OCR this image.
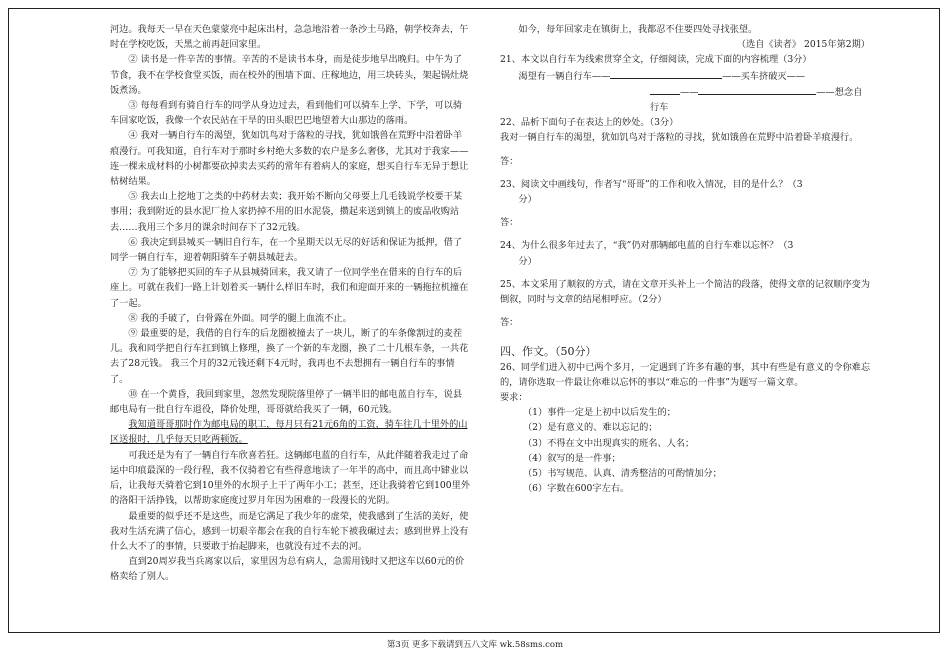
河边。我每天一早在天色蒙蒙亮中起床出村，急急地沿着一条沙土马路，朝学校奔去，午时在学校吃饭，天黑之前再赶回家里。

② 读书是一件辛苦的事情。辛苦的不是读书本身，而是徒步地早出晚归。中午为了节食，我不在学校食堂买饭，而在校外的围墙下面、庄稼地边，用三块砖头，架起锅灶烧饭煮汤。

③ 每每看到有骑自行车的同学从身边过去，看到他们可以骑车上学、下学，可以骑车回家吃饭，我像一个农民站在干旱的田头眼巴巴地望着大山那边的落雨。

④ 我对一辆自行车的渴望，犹如饥鸟对于落粒的寻找，犹如饿兽在荒野中沿着卧羊痕漫行。可我知道，自行车对于那时乡村绝大多数的农户是多么奢侈，尤其对于我家——连一棵未成材料的小树都要砍掉卖去买药的常年有着病人的家庭，想买自行车无异于想让枯树结果。

⑤ 我去山上挖地丁之类的中药材去卖；我开始不断向父母要上几毛钱说学校要干某事用；我到附近的县水泥厂捡人家扔掉不用的旧水泥袋，攒起来送到镇上的废品收购站去……我用三个多月的课余时间存下了32元钱。

⑥ 我决定到县城买一辆旧自行车，在一个星期天以无尽的好话和保证为抵押，借了同学一辆自行车，迎着朝阳骑车子朝县城赶去。

⑦ 为了能够把买回的车子从县城骑回来，我又请了一位同学坐在借来的自行车的后座上。可就在我们一路上计划着买一辆什么样旧车时，我们和迎面开来的一辆拖拉机撞在了一起。

⑧ 我的手破了，白骨露在外面。同学的腿上血流不止。

⑨ 最重要的是，我借的自行车的后龙圈被撞去了一块儿，断了的车条像割过的麦茬儿。我和同学把自行车扛到镇上修理，换了一个新的车龙圈，换了二十几根车条，一共花去了28元钱。 我三个月的32元钱还剩下4元时，我再也不去想拥有一辆自行车的事情了。

⑩ 在一个黄昏，我回到家里，忽然发现院落里停了一辆半旧的邮电蓝自行车，说县邮电局有一批自行车退役，降价处理，哥哥就给我买了一辆，60元钱。

我知道哥哥那时作为邮电局的职工，每月只有21元6角的工资，骑车往几十里外的山区送报时，几乎每天只吃两顿饭。

可我还是为有了一辆自行车欣喜若狂。这辆邮电蓝的自行车，从此伴随着我走过了命运中印痕最深的一段行程，我不仅骑着它有些得意地读了一年半的高中，而且高中肄业以后，让我每天骑着它到10里外的水坝子上干了两年小工；甚至，还让我骑着它到100里外的洛阳干活挣钱，以帮助家庭度过罗月年因为困难的一段漫长的光阴。

最重要的似乎还不是这些，而是它满足了我少年的虚荣，使我感到了生活的美好，使我对生活充满了信心，感到一切艰辛都会在我的自行车轮下被我碾过去；感到世界上没有什么大不了的事情，只要敢于抬起脚来，也就没有过不去的河。

直到20周岁我当兵离家以后，家里因为总有病人，急需用钱时又把这车以60元的价格卖给了别人。

如今，每年回家走在镇街上，我都忍不住要四处寻找张望。

（选自《读者》 2015年第2期）

21、本文以自行车为线索贯穿全文，仔细阅读，完成下面的内容梳理（3分）

渴望有一辆自行车——	——买车挤破灭——

——	——想念自行车

22、品析下面句子在表达上的妙处。（3分）

我对一辆自行车的渴望，犹如饥鸟对于落粒的寻找，犹如饿兽在荒野中沿着卧羊痕漫行。

答：

23、阅读文中画线句，作者写“哥哥”的工作和收入情况，目的是什么？（3

分）

答：

24、为什么很多年过去了，“我”仍对那辆邮电蓝的自行车难以忘怀？（3

分）

25、本文采用了顺叙的方式，请在文章开头补上一个简洁的段落，使得文章的记叙顺序变为倒叙，同时与文章的结尾相呼应。（2分）

答：

四、作文。（50分）

26、同学们进入初中已两个多月，一定遇到了许多有趣的事，其中有些是有意义的令你难忘的，请你选取一件最让你难以忘怀的事以“难忘的一件事”为题写一篇文章。

要求：

（1）事件一定是上初中以后发生的；

（2）是有意义的、难以忘记的；

（3）不得在文中出现真实的班名、人名；

（4）叙写的是一件事；

（5）书写规范、认真、清秀整洁的可酌情加分；

（6）字数在600字左右。

第3页 更多下载请到五八文库 wk.58sms.com
